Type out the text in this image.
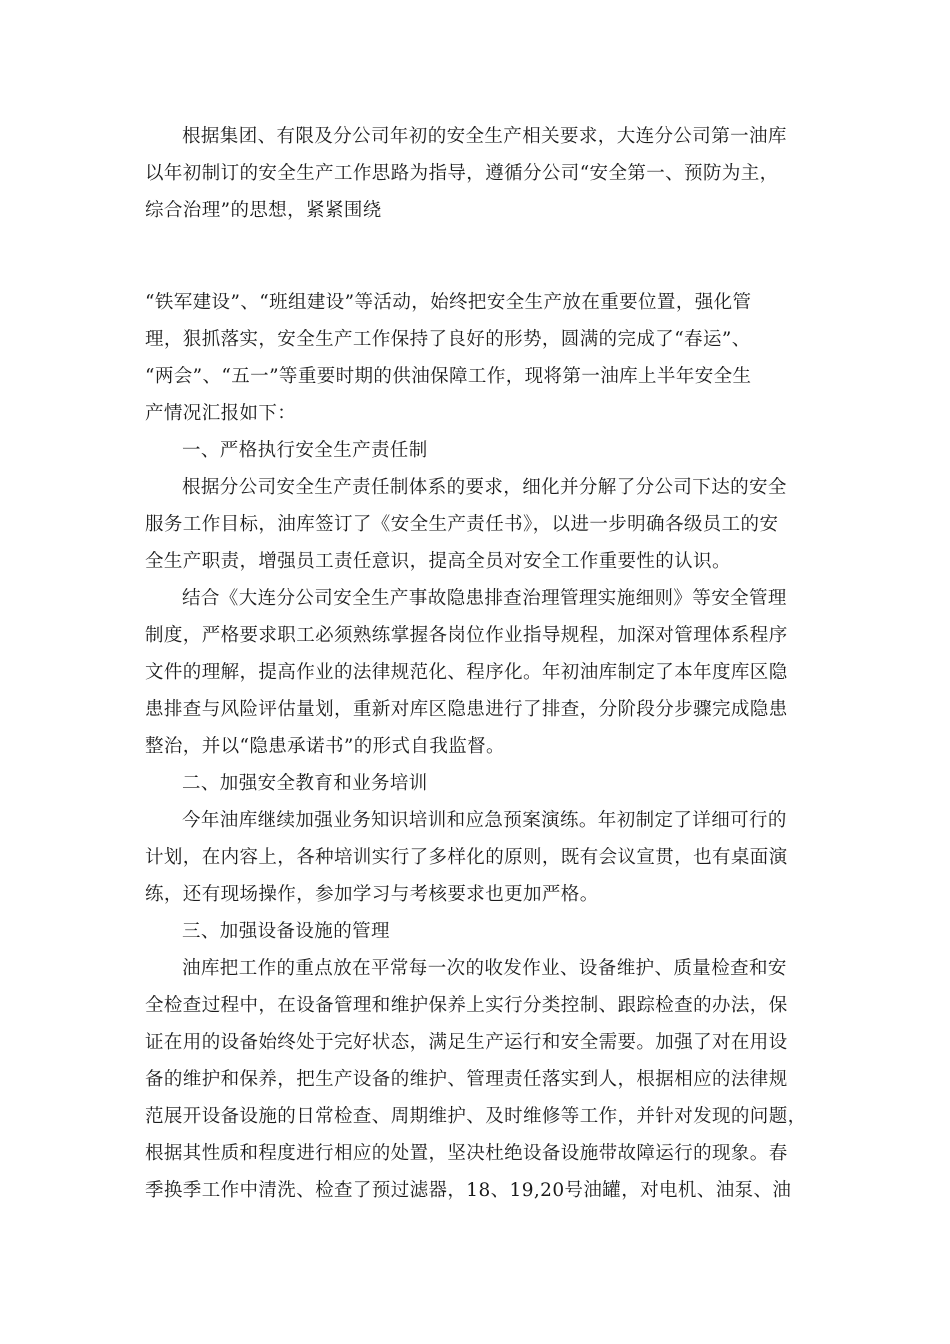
根据集团、有限及分公司年初的安全生产相关要求，大连分公司第一油库
以年初制订的安全生产工作思路为指导，遵循分公司“安全第一、预防为主，
综合治理”的思想，紧紧围绕
“铁军建设”、“班组建设”等活动，始终把安全生产放在重要位置，强化管
理，狠抓落实，安全生产工作保持了良好的形势，圆满的完成了“春运”、
“两会”、“五一”等重要时期的供油保障工作，现将第一油库上半年安全生
产情况汇报如下：
一、严格执行安全生产责任制
根据分公司安全生产责任制体系的要求，细化并分解了分公司下达的安全
服务工作目标，油库签订了《安全生产责任书》，以进一步明确各级员工的安
全生产职责，增强员工责任意识，提高全员对安全工作重要性的认识。
结合《大连分公司安全生产事故隐患排查治理管理实施细则》等安全管理
制度，严格要求职工必须熟练掌握各岗位作业指导规程，加深对管理体系程序
文件的理解，提高作业的法律规范化、程序化。年初油库制定了本年度库区隐
患排查与风险评估量划，重新对库区隐患进行了排查，分阶段分步骤完成隐患
整治，并以“隐患承诺书”的形式自我监督。
二、加强安全教育和业务培训
今年油库继续加强业务知识培训和应急预案演练。年初制定了详细可行的
计划，在内容上，各种培训实行了多样化的原则，既有会议宣贯，也有桌面演
练，还有现场操作，参加学习与考核要求也更加严格。
三、加强设备设施的管理
油库把工作的重点放在平常每一次的收发作业、设备维护、质量检查和安
全检查过程中，在设备管理和维护保养上实行分类控制、跟踪检查的办法，保
证在用的设备始终处于完好状态，满足生产运行和安全需要。加强了对在用设
备的维护和保养，把生产设备的维护、管理责任落实到人，根据相应的法律规
范展开设备设施的日常检查、周期维护、及时维修等工作，并针对发现的问题，
根据其性质和程度进行相应的处置，坚决杜绝设备设施带故障运行的现象。春
季换季工作中清洗、检查了预过滤器，18、19,20号油罐，对电机、油泵、油
